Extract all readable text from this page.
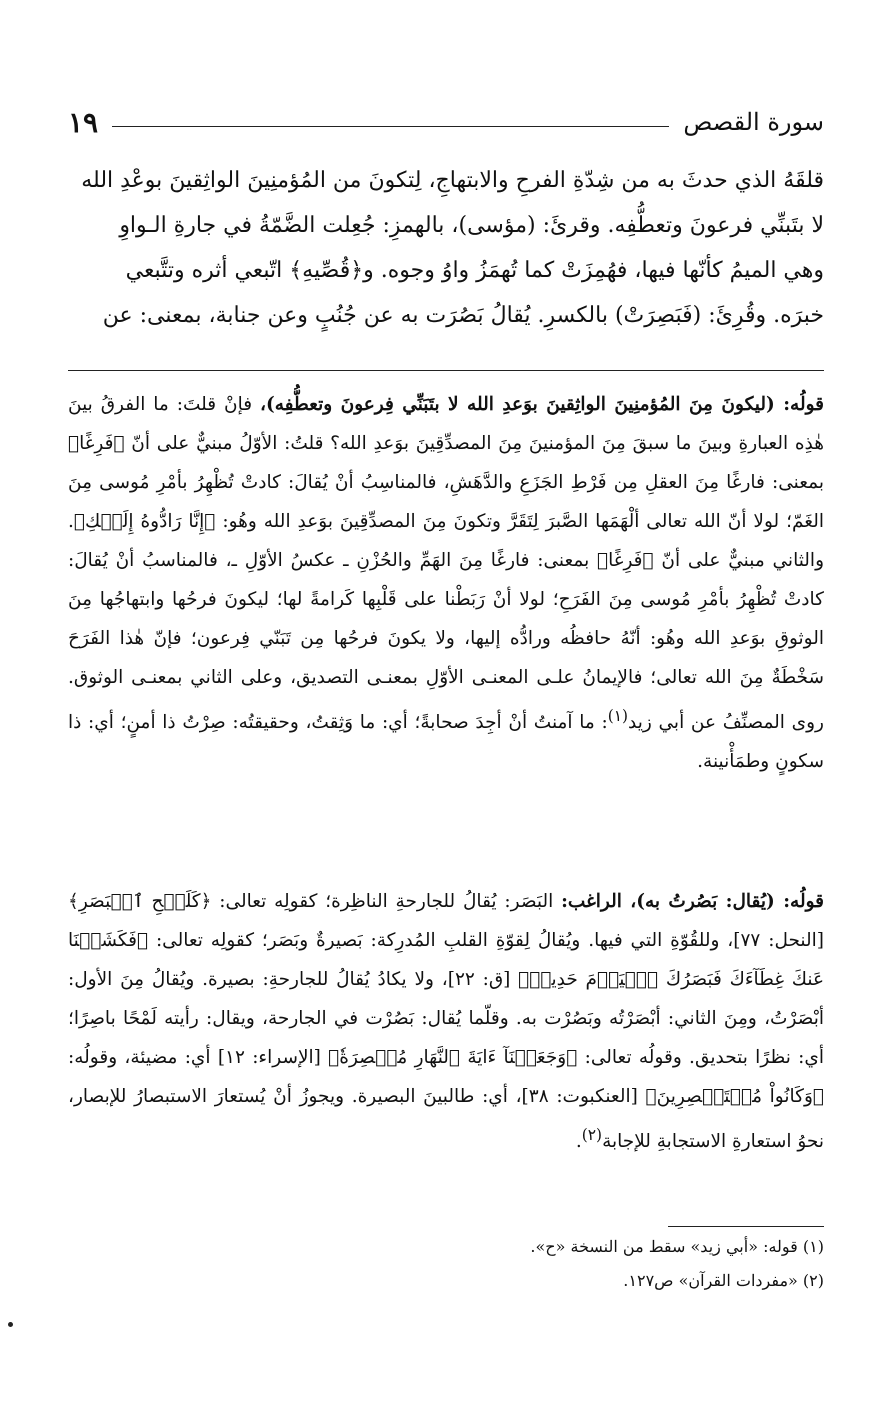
سورة القصص
١٩
قلقَهُ الذي حدثَ به من شِدّةِ الفرحِ والابتهاجِ، لِتكونَ من المُؤمنِينَ الواثِقينَ بوعْدِ الله
لا بتَبنِّي فرعونَ وتعطُّفِه. وقرئَ: (مؤسى)، بالهمزِ: جُعِلت الضَّمّةُ في جارةِ الـواوِ
وهي الميمُ كأنّها فيها، فهُمِزَتْ كما تُهمَزُ واوُ وجوه. و﴿قُصِّيهِ﴾ اتّبعي أثره وتتَّبعي
خبرَه. وقُرِئَ: (فَبَصِرَتْ) بالكسرِ. يُقالُ بَصُرَت به عن جُنُبٍ وعن جنابة، بمعنى: عن

قولُه: (ليكونَ مِنَ المُؤمنِينَ الواثِقينَ بوَعدِ الله لا بتَبَنِّي فِرعونَ وتعطُّفِه)، فإنْ قلتَ: ما الفرقُ بينَ هٰذِه العبارةِ وبينَ ما سبقَ مِنَ المؤمنينَ مِنَ المصدِّقِينَ بوَعدِ الله؟ قلتُ: الأوّلُ مبنيٌّ على أنّ ﴿فَرِغًا﴾ بمعنى: فارغًا مِنَ العقلِ مِن فَرْطِ الجَزَعِ والدَّهَشِ، فالمناسِبُ أنْ يُقالَ: كادتْ تُظْهِرُ بأمْرِ مُوسى مِنَ الغَمّ؛ لولا أنّ الله تعالى ألْهَمَها الصَّبرَ لِتَقَرَّ وتكونَ مِنَ المصدِّقِينَ بوَعدِ الله وهُو: ﴿إِنَّا رَادُّوهُ إِلَيۡكِ﴾. والثاني مبنيٌّ على أنّ ﴿فَرِغًا﴾ بمعنى: فارغًا مِنَ الهَمِّ والحُزْنِ ـ عكسُ الأوّلِ ـ، فالمناسبُ أنْ يُقالَ: كادتْ تُظْهِرُ بأمْرِ مُوسى مِنَ الفَرَحِ؛ لولا أنْ رَبَطْنا على قَلْبِها كَرامةً لها؛ ليكونَ فرحُها وابتهاجُها مِنَ الوثوقِ بوَعدِ الله وهُو: أنّهُ حافظُه ورادُّه إليها، ولا يكونَ فرحُها مِن تَبَنّي فِرعون؛ فإنّ هٰذا الفَرَحَ سَخْطَةٌ مِنَ الله تعالى؛ فالإيمانُ علـى المعنـى الأوّلِ بمعنـى التصديق، وعلى الثاني بمعنـى الوثوق. روى المصنِّفُ عن أبي زيد$^{(١)}$: ما آمنتُ أنْ أجِدَ صحابةً؛ أي: ما وَثِقتُ، وحقيقتُه: صِرْتُ ذا أمنٍ؛ أي: ذا سكونٍ وطمَأْنينة.

قولُه: (يُقال: بَصُرتُ به)، الراغب: البَصَر: يُقالُ للجارحةِ الناظِرة؛ كقولِه تعالى: ﴿كَلَمۡحِ ٱلۡبَصَرِ﴾ [النحل: ٧٧]، وللقُوّةِ التي فيها. ويُقالُ لِقوّةِ القلبِ المُدرِكة: بَصيرةٌ وبَصَر؛ كقولِه تعالى: ﴿فَكَشَفۡنَا عَنكَ غِطَآءَكَ فَبَصَرُكَ ٱلۡيَوۡمَ حَدِيدٞ﴾ [ق: ٢٢]، ولا يكادُ يُقالُ للجارحةِ: بصيرة. ويُقالُ مِنَ الأول: أبْصَرْتُ، ومِنَ الثاني: أبْصَرْتُه وبَصُرْت به. وقلّما يُقال: بَصُرْت في الجارحة، ويقال: رأيته لَمْحًا باصِرًا؛ أي: نظرًا بتحديق. وقولُه تعالى: ﴿وَجَعَلۡنَآ ءَايَةَ ٱلنَّهَارِ مُبۡصِرَةٗ﴾ [الإسراء: ١٢] أي: مضيئة، وقولُه: ﴿وَكَانُواْ مُسۡتَبۡصِرِينَ﴾ [العنكبوت: ٣٨]، أي: طالبينَ البصيرة. ويجوزُ أنْ يُستعارَ الاستبصارُ للإبصار، نحوُ استعارةِ الاستجابةِ للإجابة$^{(٢)}$.

(١) قوله: «أبي زيد» سقط من النسخة «ح».
(٢) «مفردات القرآن» ص١٢٧.
